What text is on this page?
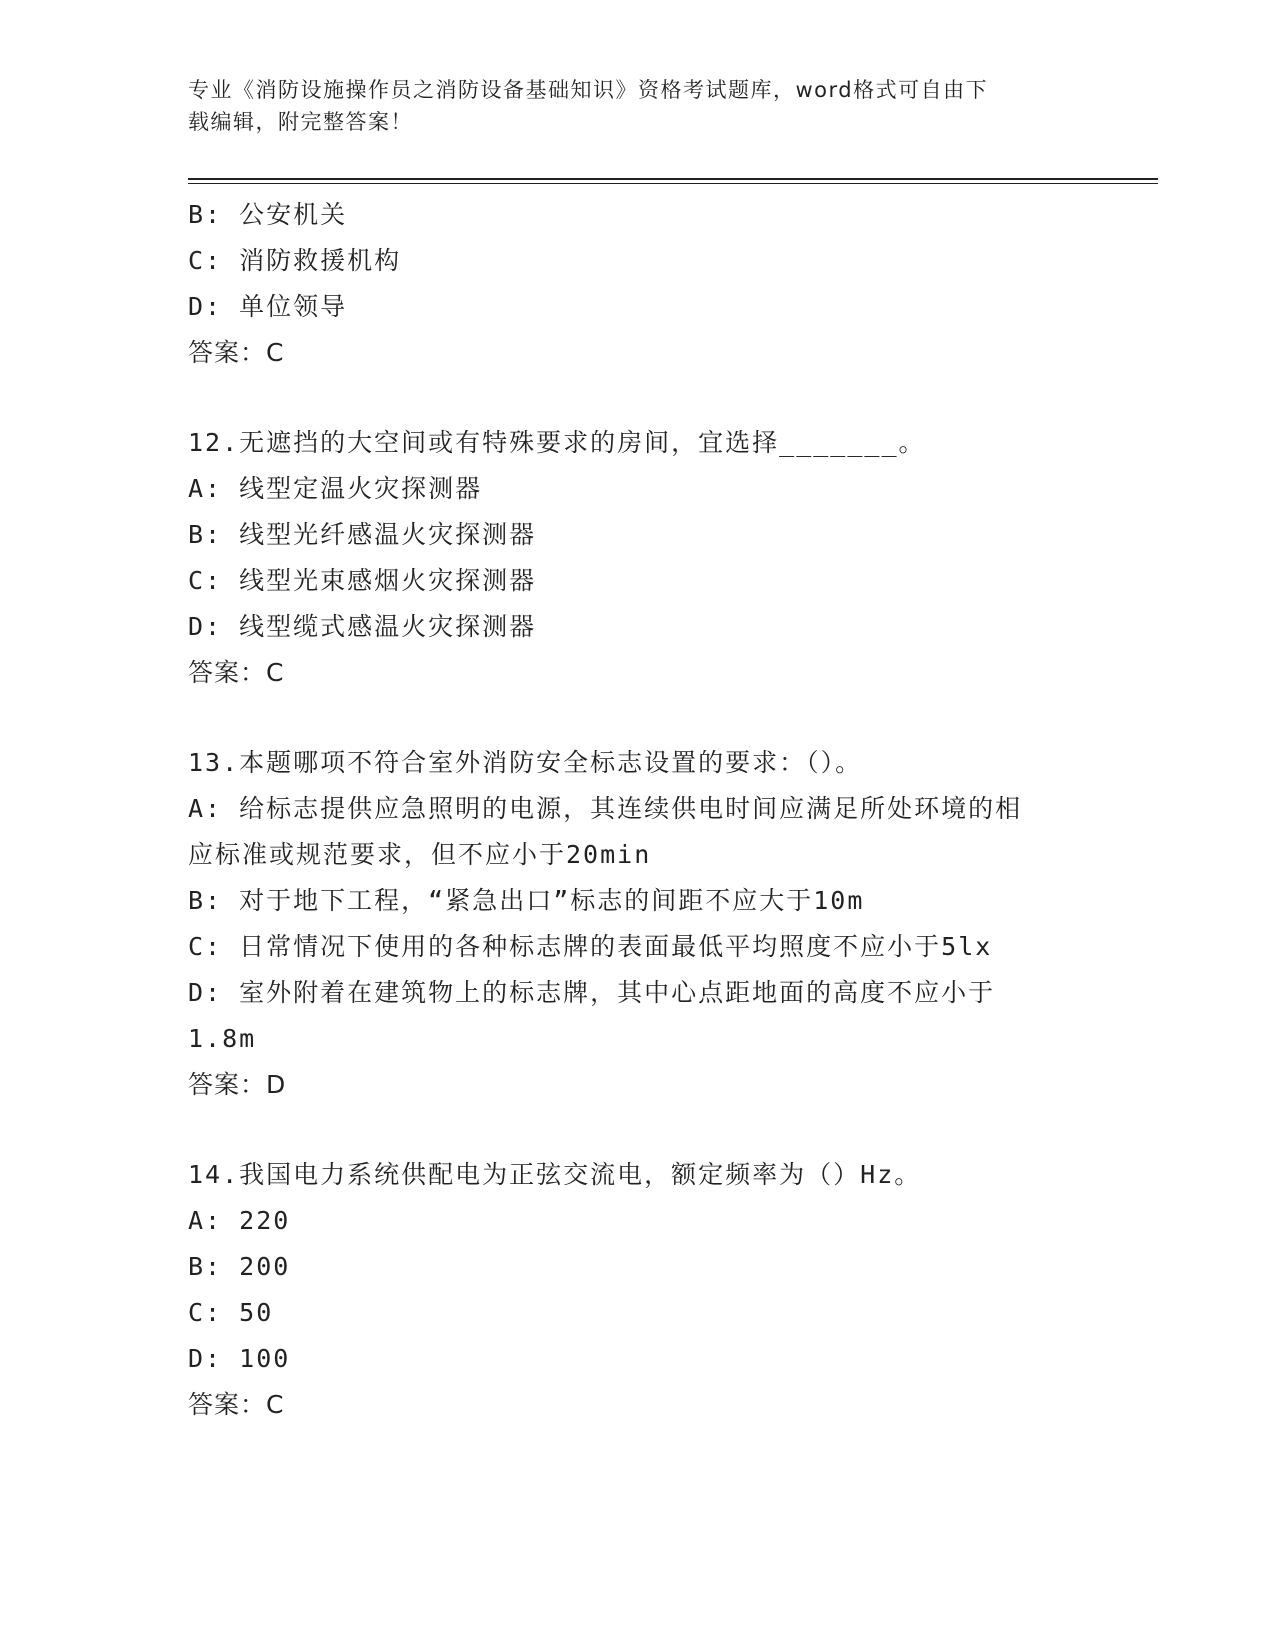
专业《消防设施操作员之消防设备基础知识》资格考试题库，word格式可自由下
载编辑，附完整答案！
B: 公安机关
C: 消防救援机构
D: 单位领导
答案：C
12.无遮挡的大空间或有特殊要求的房间，宜选择_______。
A: 线型定温火灾探测器
B: 线型光纤感温火灾探测器
C: 线型光束感烟火灾探测器
D: 线型缆式感温火灾探测器
答案：C
13.本题哪项不符合室外消防安全标志设置的要求：（）。
A: 给标志提供应急照明的电源，其连续供电时间应满足所处环境的相
应标准或规范要求，但不应小于20min
B: 对于地下工程，“紧急出口”标志的间距不应大于10m
C: 日常情况下使用的各种标志牌的表面最低平均照度不应小于5lx
D: 室外附着在建筑物上的标志牌，其中心点距地面的高度不应小于
1.8m
答案：D
14.我国电力系统供配电为正弦交流电，额定频率为（）Hz。
A: 220
B: 200
C: 50
D: 100
答案：C
